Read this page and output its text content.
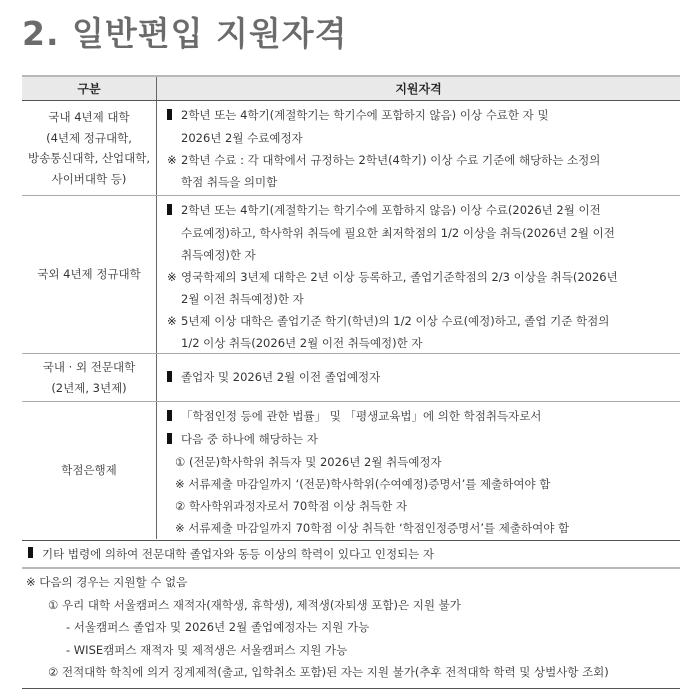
2. 일반편입 지원자격
구분	지원자격
국내 4년제 대학
(4년제 정규대학,
방송통신대학, 산업대학,
사이버대학 등)
2학년 또는 4학기(계절학기는 학기수에 포함하지 않음) 이상 수료한 자 및
2026년 2월 수료예정자
※ 2학년 수료 : 각 대학에서 규정하는 2학년(4학기) 이상 수료 기준에 해당하는 소정의
학점 취득을 의미함
국외 4년제 정규대학
2학년 또는 4학기(계절학기는 학기수에 포함하지 않음) 이상 수료(2026년 2월 이전
수료예정)하고, 학사학위 취득에 필요한 최저학점의 1/2 이상을 취득(2026년 2월 이전
취득예정)한 자
※ 영국학제의 3년제 대학은 2년 이상 등록하고, 졸업기준학점의 2/3 이상을 취득(2026년
2월 이전 취득예정)한 자
※ 5년제 이상 대학은 졸업기준 학기(학년)의 1/2 이상 수료(예정)하고, 졸업 기준 학점의
1/2 이상 취득(2026년 2월 이전 취득예정)한 자
국내 · 외 전문대학
(2년제, 3년제)
졸업자 및 2026년 2월 이전 졸업예정자
학점은행제
「학점인정 등에 관한 법률」 및 「평생교육법」에 의한 학점취득자로서
다음 중 하나에 해당하는 자
① (전문)학사학위 취득자 및 2026년 2월 취득예정자
※ 서류제출 마감일까지 ‘(전문)학사학위(수여예정)증명서’를 제출하여야 함
② 학사학위과정자로서 70학점 이상 취득한 자
※ 서류제출 마감일까지 70학점 이상 취득한 ‘학점인정증명서’를 제출하여야 함
기타 법령에 의하여 전문대학 졸업자와 동등 이상의 학력이 있다고 인정되는 자
※ 다음의 경우는 지원할 수 없음
① 우리 대학 서울캠퍼스 재적자(재학생, 휴학생), 제적생(자퇴생 포함)은 지원 불가
- 서울캠퍼스 졸업자 및 2026년 2월 졸업예정자는 지원 가능
- WISE캠퍼스 재적자 및 제적생은 서울캠퍼스 지원 가능
② 전적대학 학칙에 의거 징계제적(출교, 입학취소 포함)된 자는 지원 불가(추후 전적대학 학력 및 상벌사항 조회)
